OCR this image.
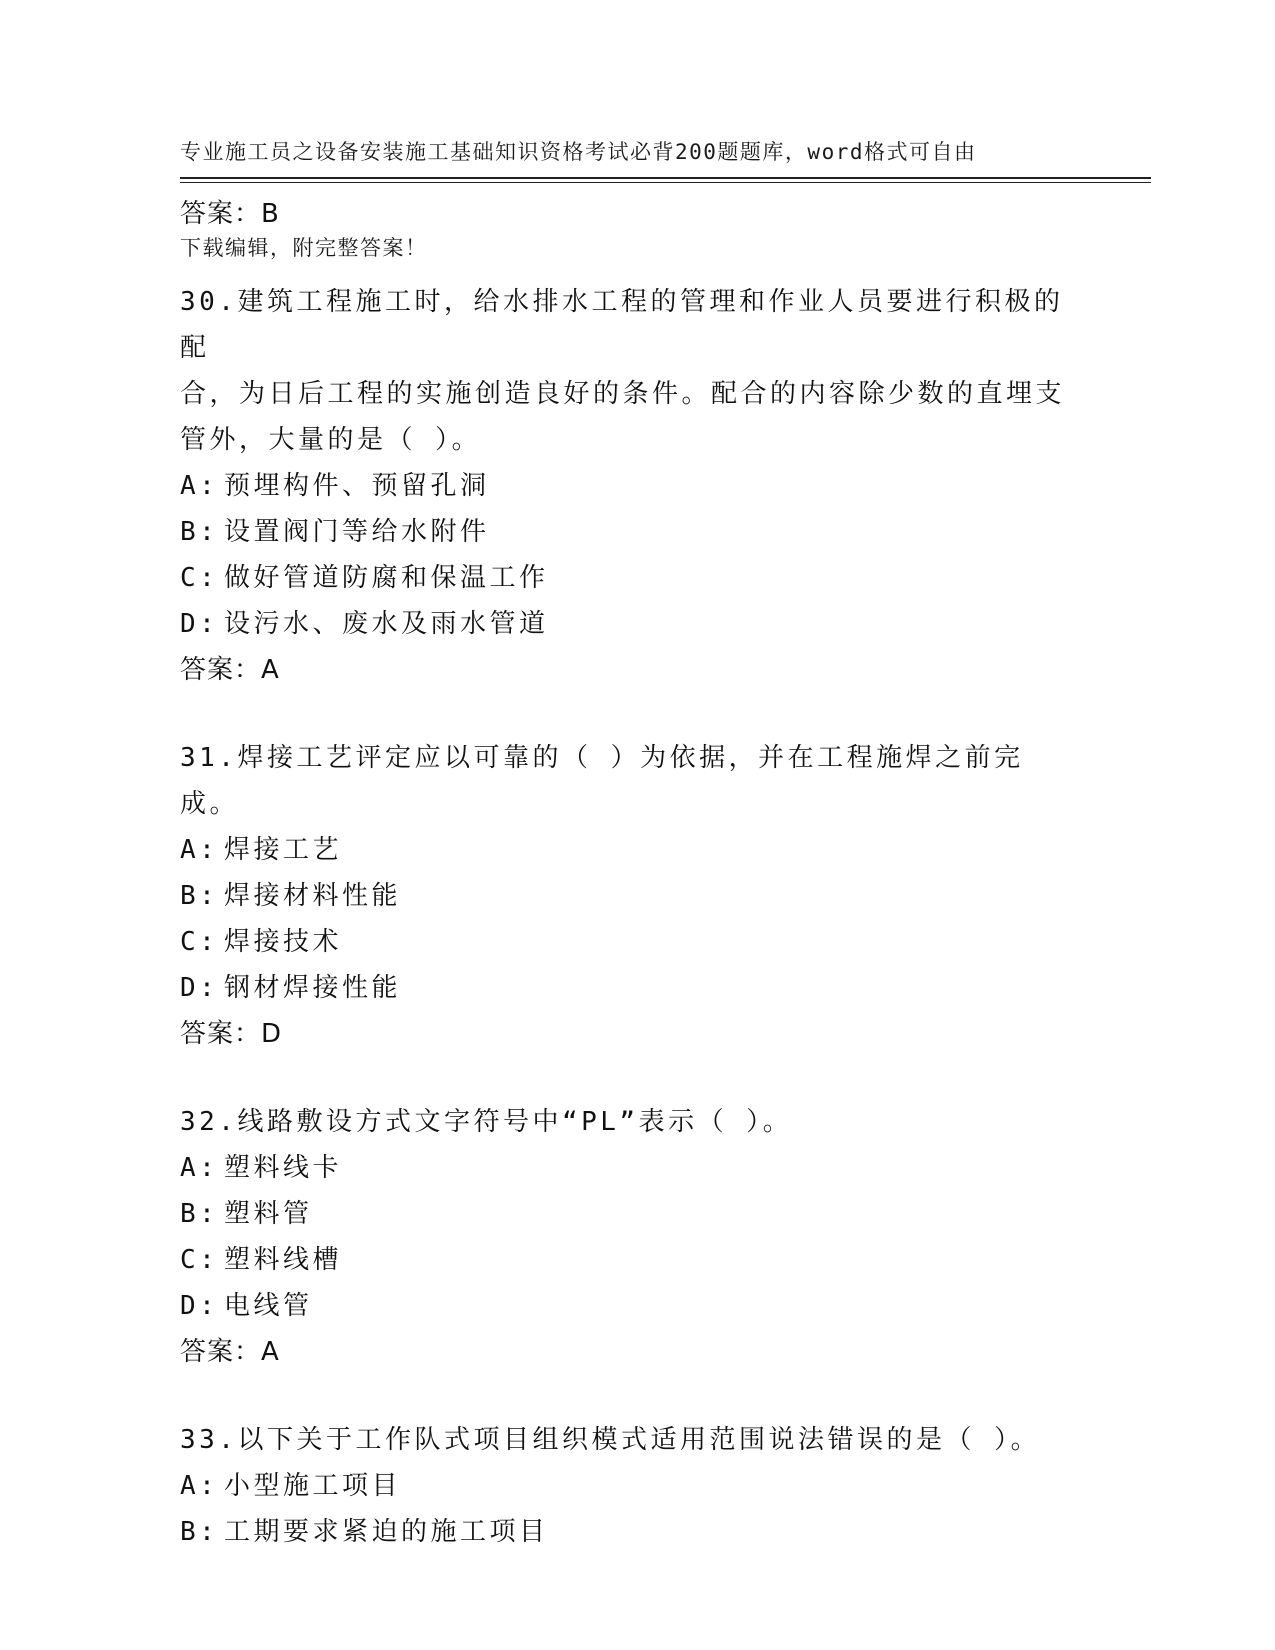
专业施工员之设备安装施工基础知识资格考试必背200题题库，word格式可自由

下载编辑，附完整答案！

答案：B
30.建筑工程施工时，给水排水工程的管理和作业人员要进行积极的配
合，为日后工程的实施创造良好的条件。配合的内容除少数的直埋支
管外，大量的是（ ）。
A: 预埋构件、预留孔洞
B: 设置阀门等给水附件
C: 做好管道防腐和保温工作
D: 设污水、废水及雨水管道
答案：A
31.焊接工艺评定应以可靠的（ ）为依据，并在工程施焊之前完成。
A: 焊接工艺
B: 焊接材料性能
C: 焊接技术
D: 钢材焊接性能
答案：D
32.线路敷设方式文字符号中“PL”表示（ ）。
A: 塑料线卡
B: 塑料管
C: 塑料线槽
D: 电线管
答案：A
33.以下关于工作队式项目组织模式适用范围说法错误的是（ ）。
A: 小型施工项目
B: 工期要求紧迫的施工项目
